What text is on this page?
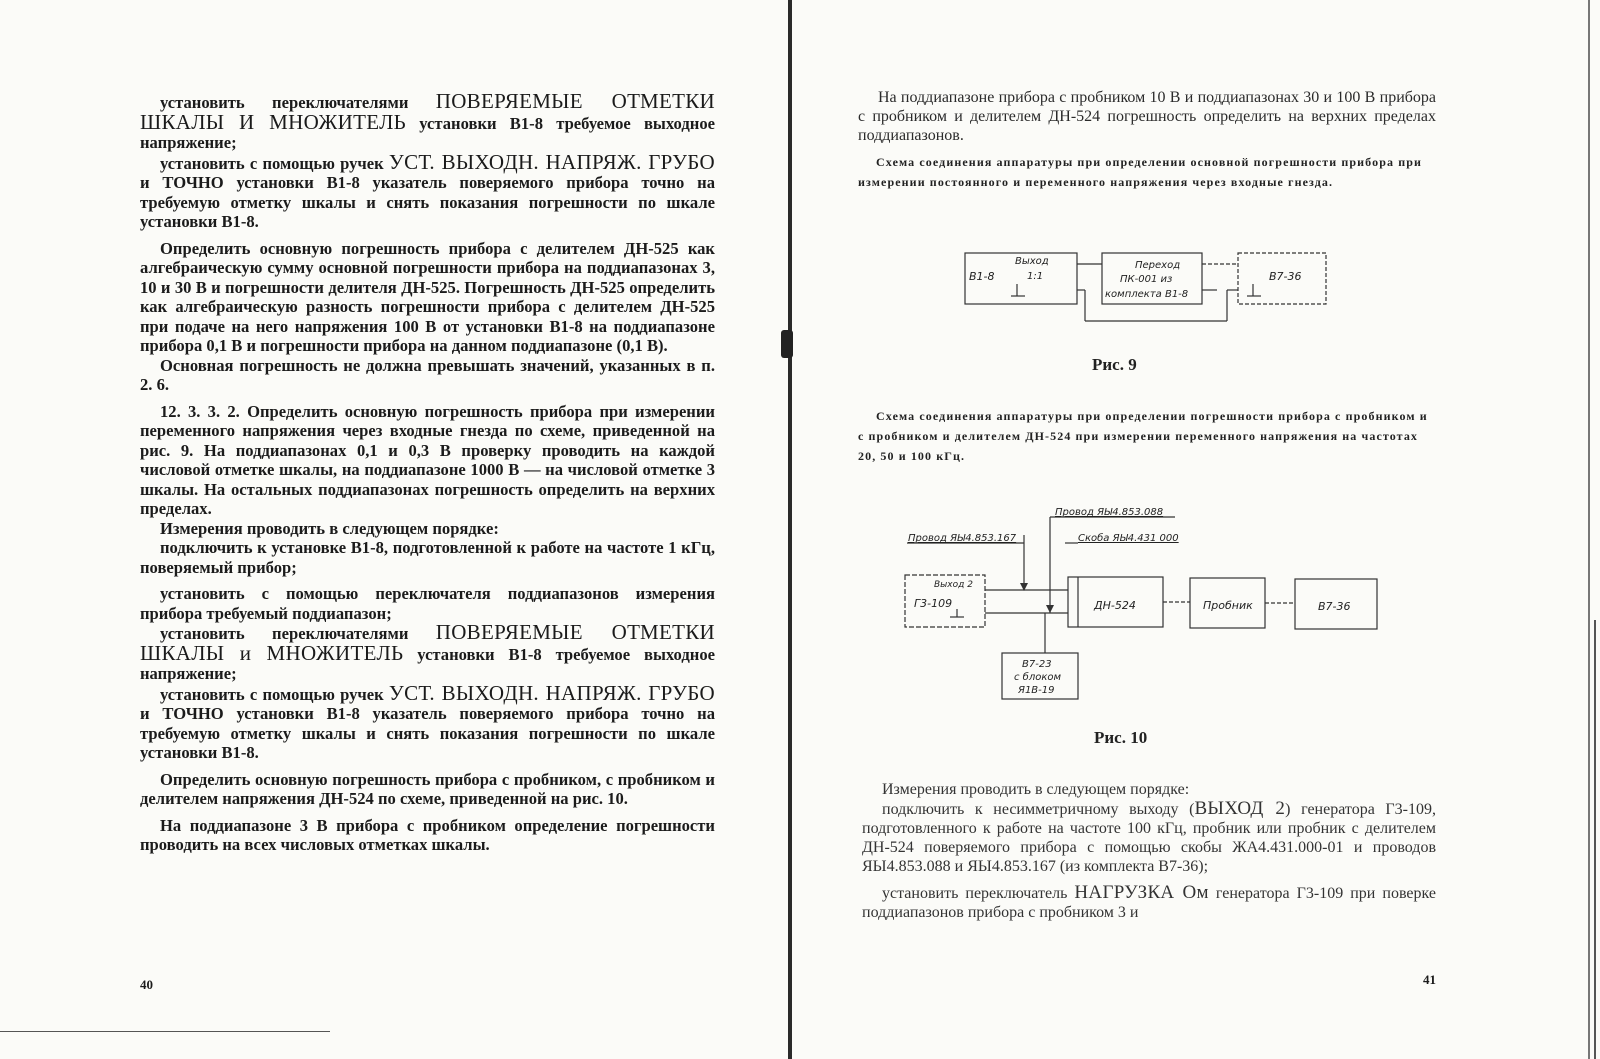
установить переключателями ПОВЕРЯЕМЫЕ ОТМЕТКИ ШКАЛЫ И МНОЖИТЕЛЬ установки В1-8 требуемое выходное напряжение;

установить с помощью ручек УСТ. ВЫХОДН. НАПРЯЖ. ГРУБО и ТОЧНО установки В1-8 указатель поверяемого прибора точно на требуемую отметку шкалы и снять показания погрешности по шкале установки В1-8.

Определить основную погрешность прибора с делителем ДН-525 как алгебраическую сумму основной погрешности прибора на поддиапазонах 3, 10 и 30 В и погрешности делителя ДН-525. Погрешность ДН-525 определить как алгебраическую разность погрешности прибора с делителем ДН-525 при подаче на него напряжения 100 В от установки В1-8 на поддиапазоне прибора 0,1 В и погрешности прибора на данном поддиапазоне (0,1 В).

Основная погрешность не должна превышать значений, указанных в п. 2. 6.

12. 3. 3. 2. Определить основную погрешность прибора при измерении переменного напряжения через входные гнезда по схеме, приведенной на рис. 9. На поддиапазонах 0,1 и 0,3 В проверку проводить на каждой числовой отметке шкалы, на поддиапазоне 1000 В — на числовой отметке 3 шкалы. На остальных поддиапазонах погрешность определить на верхних пределах.

Измерения проводить в следующем порядке:

подключить к установке В1-8, подготовленной к работе на частоте 1 кГц, поверяемый прибор;

установить с помощью переключателя поддиапазонов измерения прибора требуемый поддиапазон;

установить переключателями ПОВЕРЯЕМЫЕ ОТМЕТКИ ШКАЛЫ и МНОЖИТЕЛЬ установки В1-8 требуемое выходное напряжение;

установить с помощью ручек УСТ. ВЫХОДН. НАПРЯЖ. ГРУБО и ТОЧНО установки В1-8 указатель поверяемого прибора точно на требуемую отметку шкалы и снять показания погрешности по шкале установки В1-8.

Определить основную погрешность прибора с пробником, с пробником и делителем напряжения ДН-524 по схеме, приведенной на рис. 10.

На поддиапазоне 3 В прибора с пробником определение погрешности проводить на всех числовых отметках шкалы.

40

На поддиапазоне прибора с пробником 10 В и поддиапазонах 30 и 100 В прибора с пробником и делителем ДН-524 погрешность определить на верхних пределах поддиапазонов.

Схема соединения аппаратуры при определении основной погрешности прибора при измерении постоянного и переменного напряжения через входные гнезда.
В1-8
Выход
1:1
Переход
ПК-001 из
комплекта В1-8
В7-36
Рис. 9
Схема соединения аппаратуры при определении погрешности прибора с пробником и с пробником и делителем ДН-524 при измерении переменного напряжения на частотах 20, 50 и 100 кГц.
Провод ЯЫ4.853.088
Провод ЯЫ4.853.167	Скоба ЯЫ4.431 000
Выход 2
Г3-109	ДН-524	Пробник	В7-36
В7-23
с блоком
Я1В-19
Рис. 10

Измерения проводить в следующем порядке:

подключить к несимметричному выходу (ВЫХОД 2) генератора Г3-109, подготовленного к работе на частоте 100 кГц, пробник или пробник с делителем ДН-524 поверяемого прибора с помощью скобы ЖА4.431.000-01 и проводов ЯЫ4.853.088 и ЯЫ4.853.167 (из комплекта В7-36);

установить переключатель НАГРУЗКА Ом генератора Г3-109 при поверке поддиапазонов прибора с пробником 3 и

41
